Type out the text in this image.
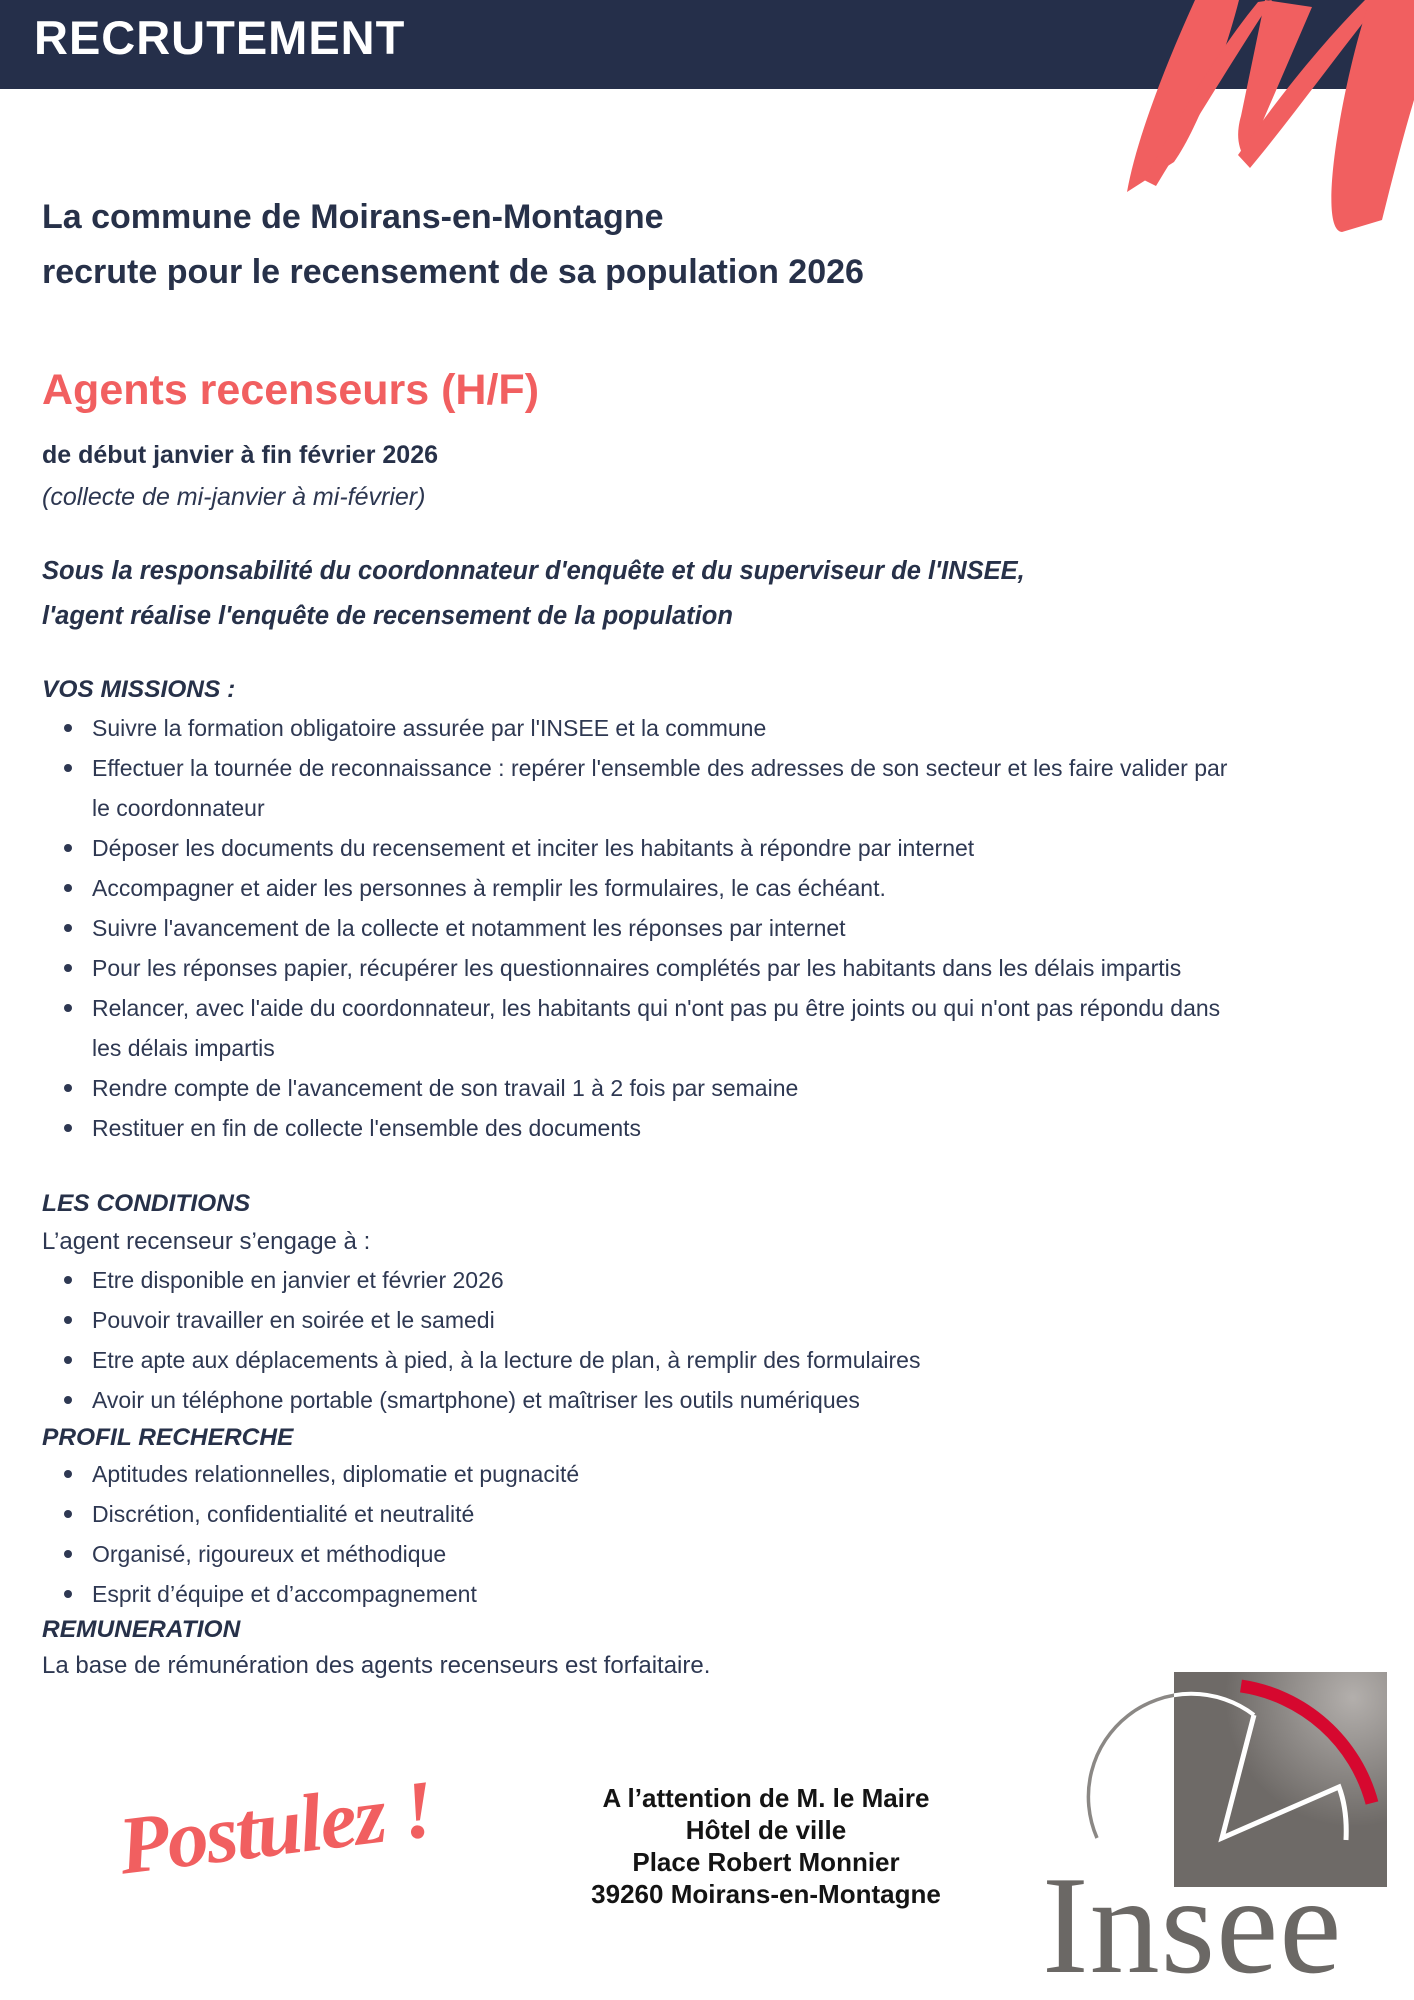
RECRUTEMENT
La commune de Moirans-en-Montagne
recrute pour le recensement de sa population 2026
Agents recenseurs (H/F)
de début janvier à fin février 2026
(collecte de mi-janvier à mi-février)
Sous la responsabilité du coordonnateur d'enquête et du superviseur de l'INSEE,
l'agent réalise l'enquête de recensement de la population
VOS MISSIONS :
Suivre la formation obligatoire assurée par l'INSEE et la commune
Effectuer la tournée de reconnaissance : repérer l'ensemble des adresses de son secteur et les faire valider par le coordonnateur
Déposer les documents du recensement et inciter les habitants à répondre par internet
Accompagner et aider les personnes à remplir les formulaires, le cas échéant.
Suivre l'avancement de la collecte et notamment les réponses par internet
Pour les réponses papier, récupérer les questionnaires complétés par les habitants dans les délais impartis
Relancer, avec l'aide du coordonnateur, les habitants qui n'ont pas pu être joints ou qui n'ont pas répondu dans les délais impartis
Rendre compte de l'avancement de son travail 1 à 2 fois par semaine
Restituer en fin de collecte l'ensemble des documents
LES CONDITIONS
L’agent recenseur s’engage à :
Etre disponible en janvier et février 2026
Pouvoir travailler en soirée et le samedi
Etre apte aux déplacements à pied, à la lecture de plan, à remplir des formulaires
Avoir un téléphone portable (smartphone) et maîtriser les outils numériques
PROFIL RECHERCHE
Aptitudes relationnelles, diplomatie et pugnacité
Discrétion, confidentialité et neutralité
Organisé, rigoureux et méthodique
Esprit d’équipe et d’accompagnement
REMUNERATION
La base de rémunération des agents recenseurs est forfaitaire.
Postulez !	A l’attention de M. le Maire
Hôtel de ville
Place Robert Monnier
39260 Moirans-en-Montagne Insee
